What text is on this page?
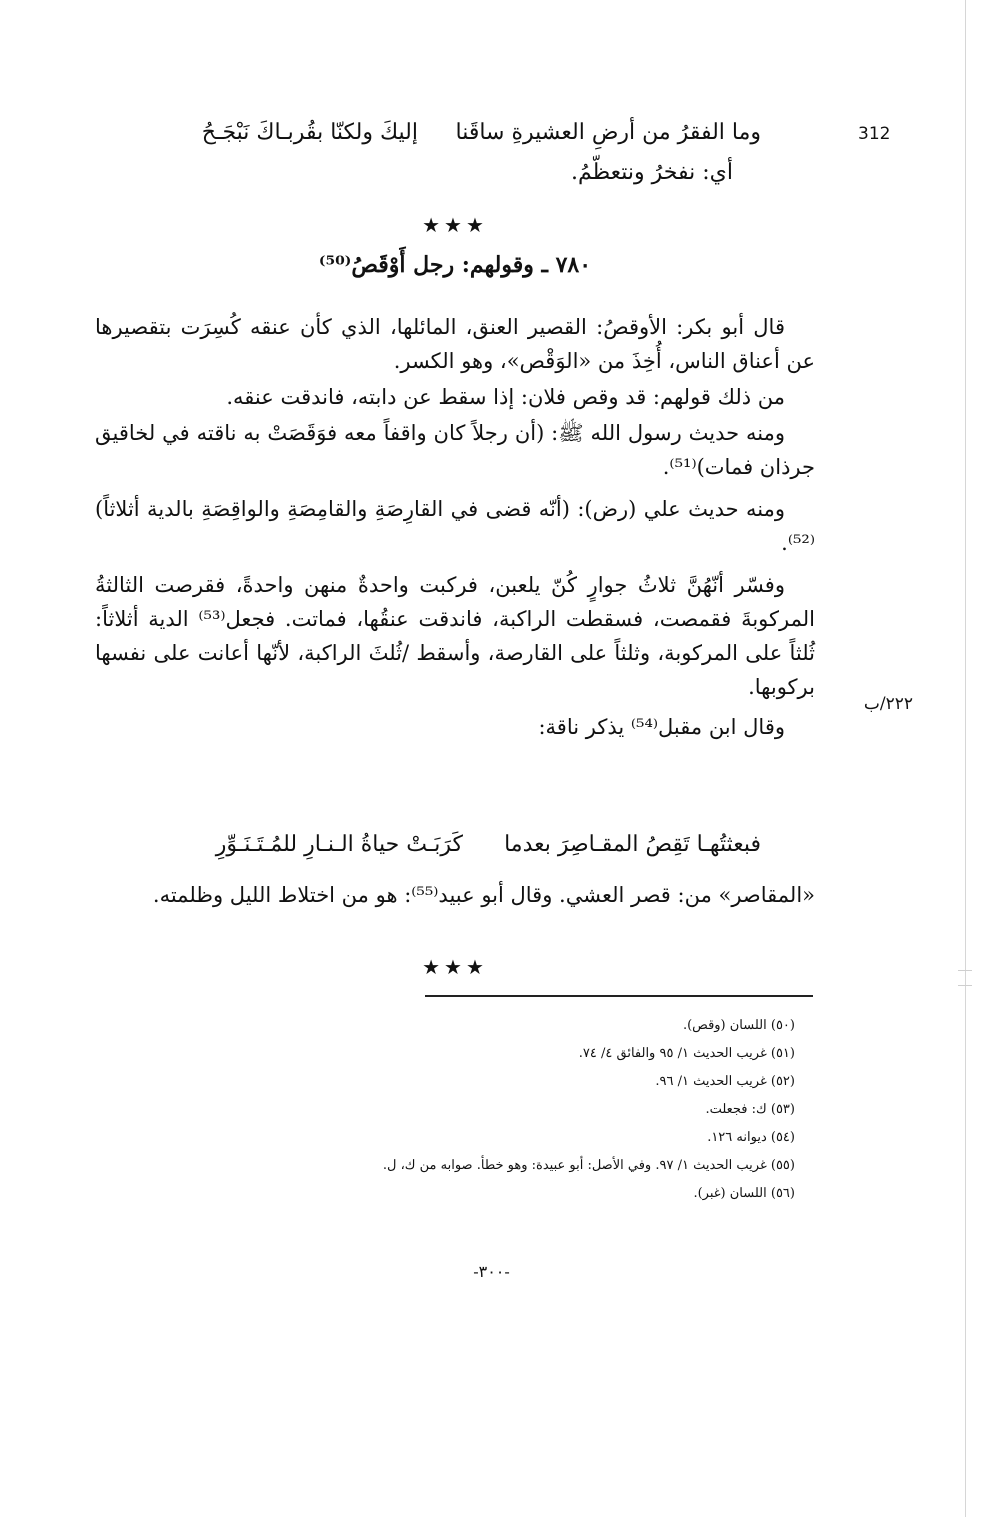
312
وما الفقرُ من أرضِ العشيرةِ ساقَنا
إليكَ ولكنّا بقُربـاكَ نَبْجَـحُ
أي: نفخرُ ونتعظّمُ.
★★★
٧٨٠ ـ وقولهم: رجل أَوْقَصُ⁽⁵⁰⁾
قال أبو بكر: الأوقصُ: القصير العنق، المائلها، الذي كأن عنقه كُسِرَت بتقصيرها عن أعناق الناس، أُخِذَ من «الوَقْص»، وهو الكسر.
من ذلك قولهم: قد وقص فلان: إذا سقط عن دابته، فاندقت عنقه.
ومنه حديث رسول الله ﷺ: (أن رجلاً كان واقفاً معه فوَقَصَتْ به ناقته في لخاقيق جرذان فمات)⁽⁵¹⁾.
ومنه حديث علي (رض): (أنّه قضى في القارِصَةِ والقامِصَةِ والواقِصَةِ بالدية أثلاثاً)⁽⁵²⁾.
وفسّر أنّهُنَّ ثلاثُ جوارٍ كُنّ يلعبن، فركبت واحدةٌ منهن واحدةً، فقرصت الثالثةُ المركوبةَ فقمصت، فسقطت الراكبة، فاندقت عنقُها، فماتت. فجعل⁽⁵³⁾ الدية أثلاثاً: ثُلثاً على المركوبة، وثلثاً على القارصة، وأسقط /ثُلثَ الراكبة، لأنّها أعانت على نفسها بركوبها.
وقال ابن مقبل⁽⁵⁴⁾ يذكر ناقة:
٢٢٢/ب
فبعثتُهـا تَقِصُ المقـاصِرَ بعدما
كَرَبَـتْ حياةُ الـنـارِ للمُـتَـنَـوِّرِ
«المقاصر» من: قصر العشي. وقال أبو عبيد⁽⁵⁵⁾: هو من اختلاط الليل وظلمته.
★★★
(٥٠) اللسان (وقص).
(٥١) غريب الحديث ١/ ٩٥ والفائق ٤/ ٧٤.
(٥٢) غريب الحديث ١/ ٩٦.
(٥٣) ك: فجعلت.
(٥٤) ديوانه ١٢٦.
(٥٥) غريب الحديث ١/ ٩٧. وفي الأصل: أبو عبيدة: وهو خطأ. صوابه من ك، ل.
(٥٦) اللسان (غبر).
-٣٠٠-
